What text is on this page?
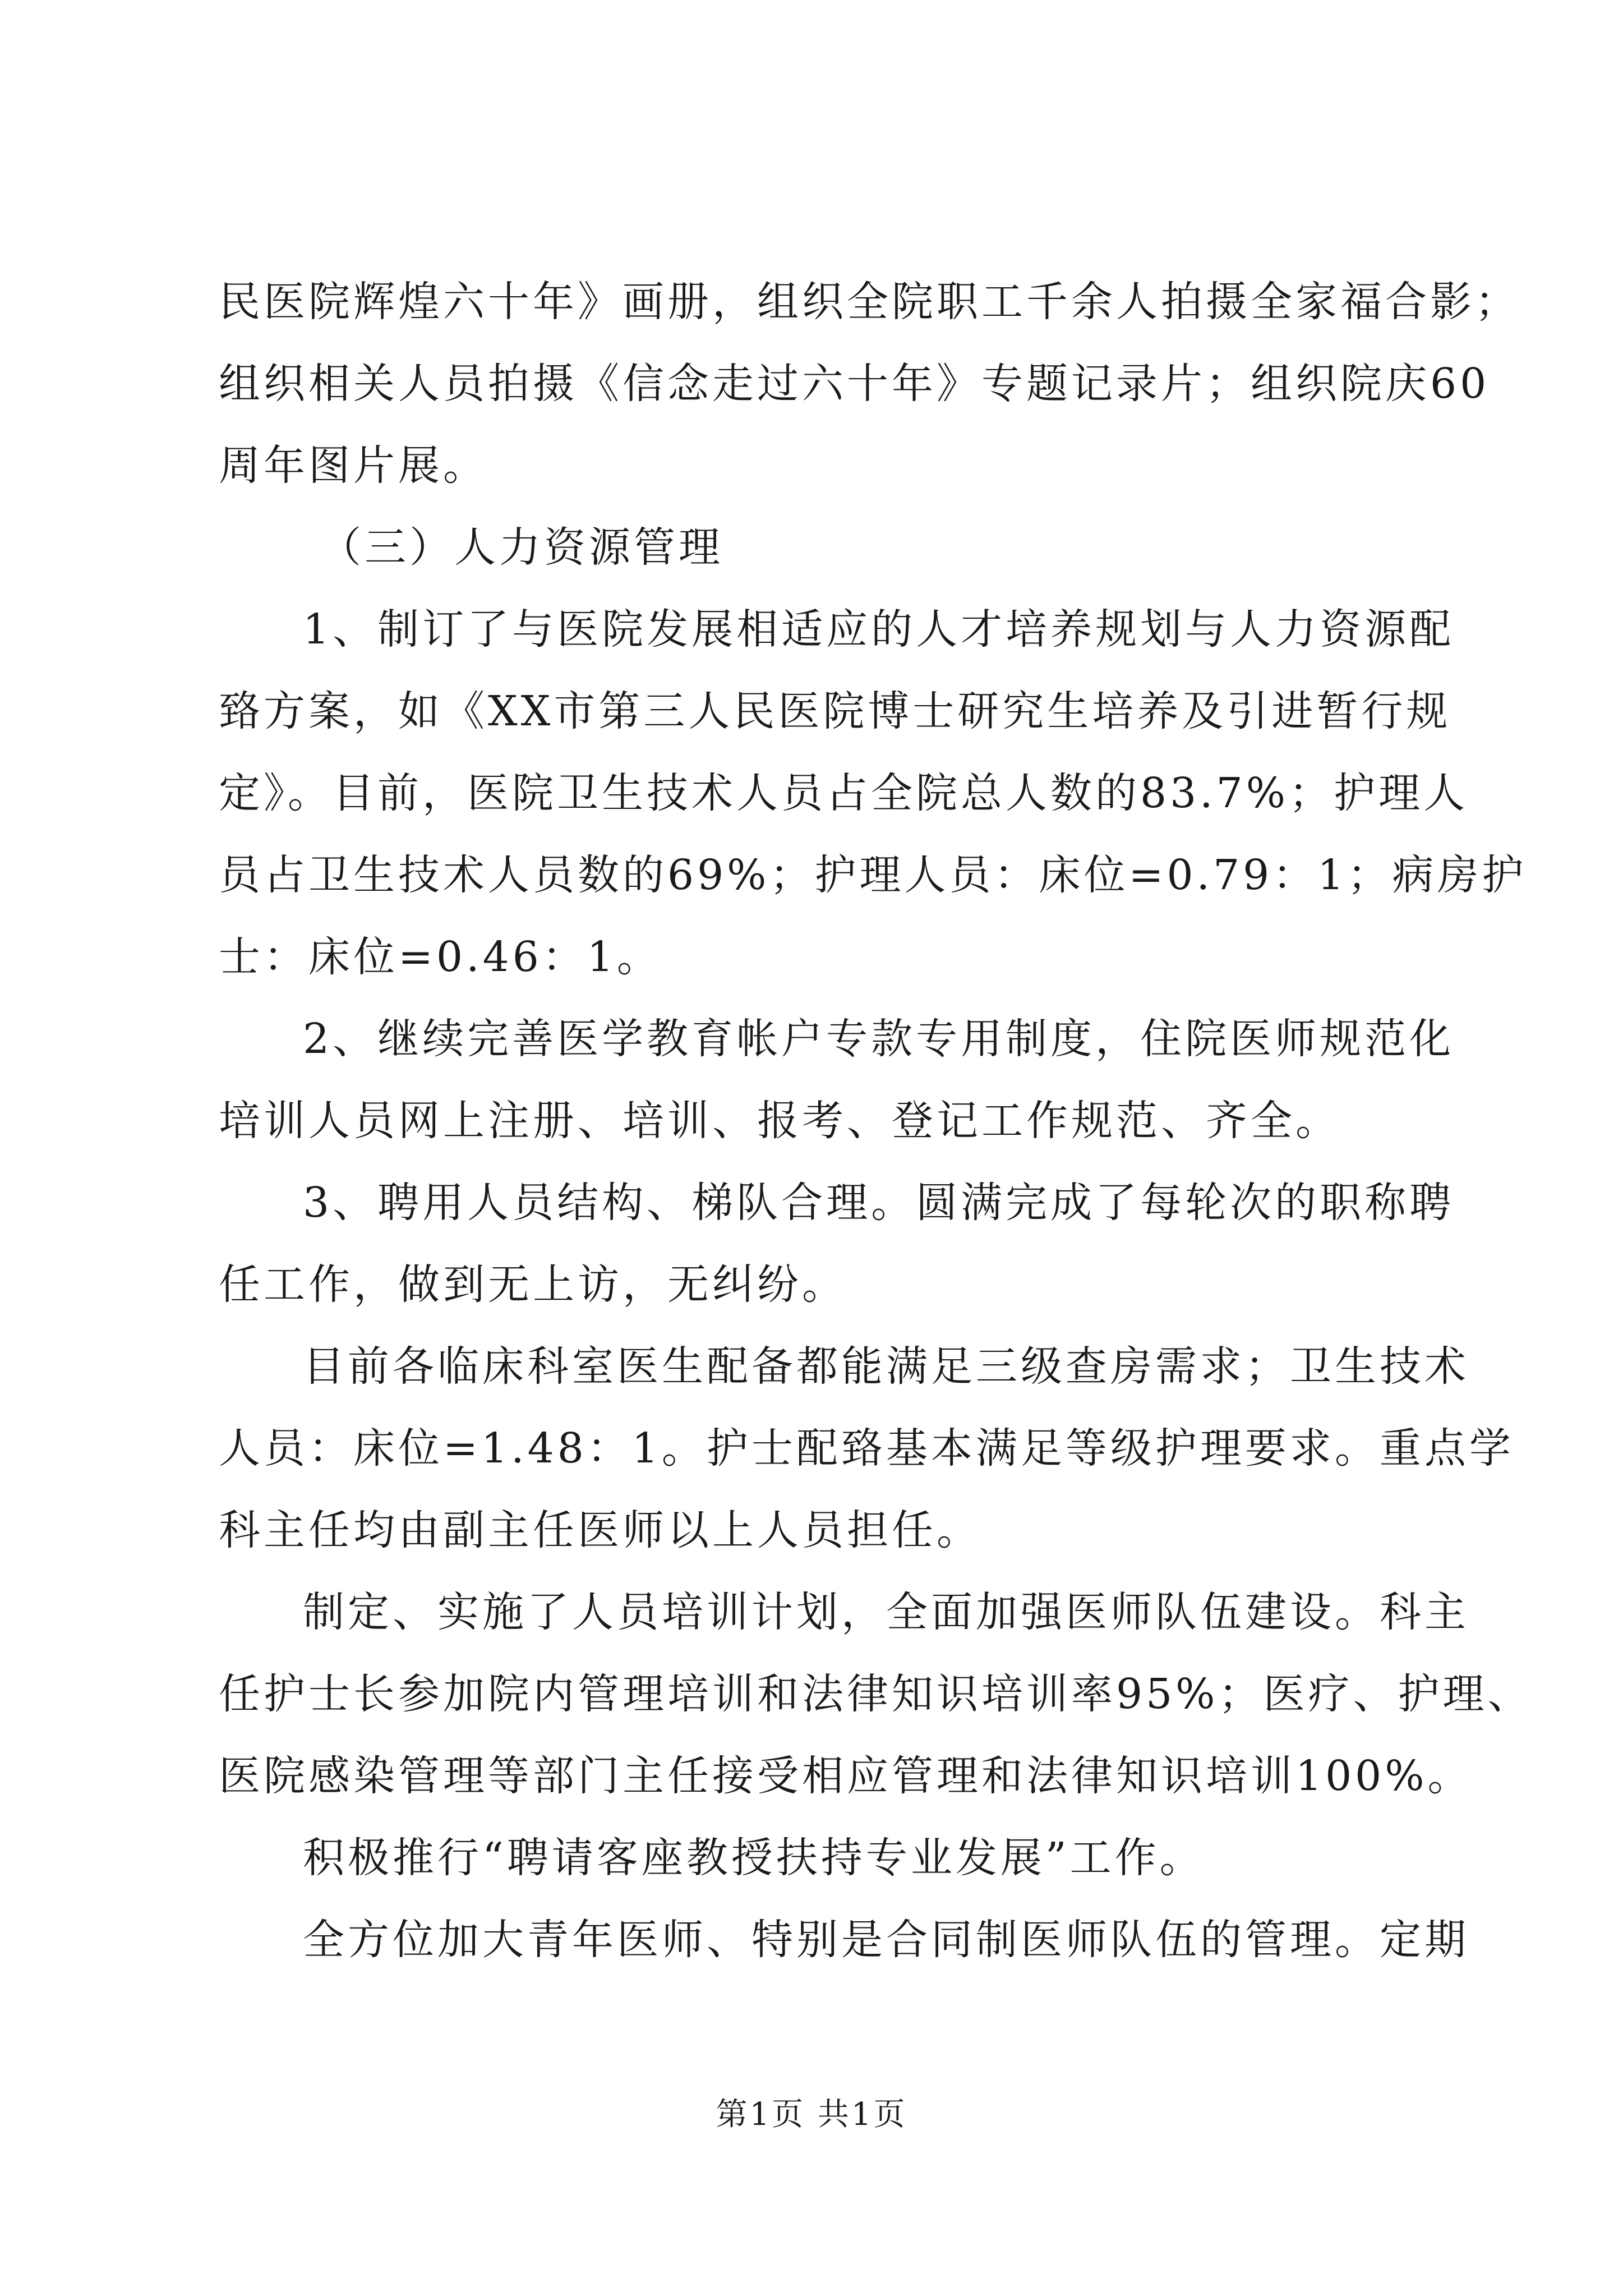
民医院辉煌六十年》画册，组织全院职工千余人拍摄全家福合影；
组织相关人员拍摄《信念走过六十年》专题记录片；组织院庆60
周年图片展。
（三）人力资源管理
1、制订了与医院发展相适应的人才培养规划与人力资源配
臵方案，如《XX市第三人民医院博士研究生培养及引进暂行规
定》。目前，医院卫生技术人员占全院总人数的83.7%；护理人
员占卫生技术人员数的69%；护理人员：床位=0.79：1；病房护
士：床位=0.46：1。
2、继续完善医学教育帐户专款专用制度，住院医师规范化
培训人员网上注册、培训、报考、登记工作规范、齐全。
3、聘用人员结构、梯队合理。圆满完成了每轮次的职称聘
任工作，做到无上访，无纠纷。
目前各临床科室医生配备都能满足三级查房需求；卫生技术
人员：床位=1.48：1。护士配臵基本满足等级护理要求。重点学
科主任均由副主任医师以上人员担任。
制定、实施了人员培训计划，全面加强医师队伍建设。科主
任护士长参加院内管理培训和法律知识培训率95%；医疗、护理、
医院感染管理等部门主任接受相应管理和法律知识培训100%。
积极推行“聘请客座教授扶持专业发展”工作。
全方位加大青年医师、特别是合同制医师队伍的管理。定期
第1页 共1页
